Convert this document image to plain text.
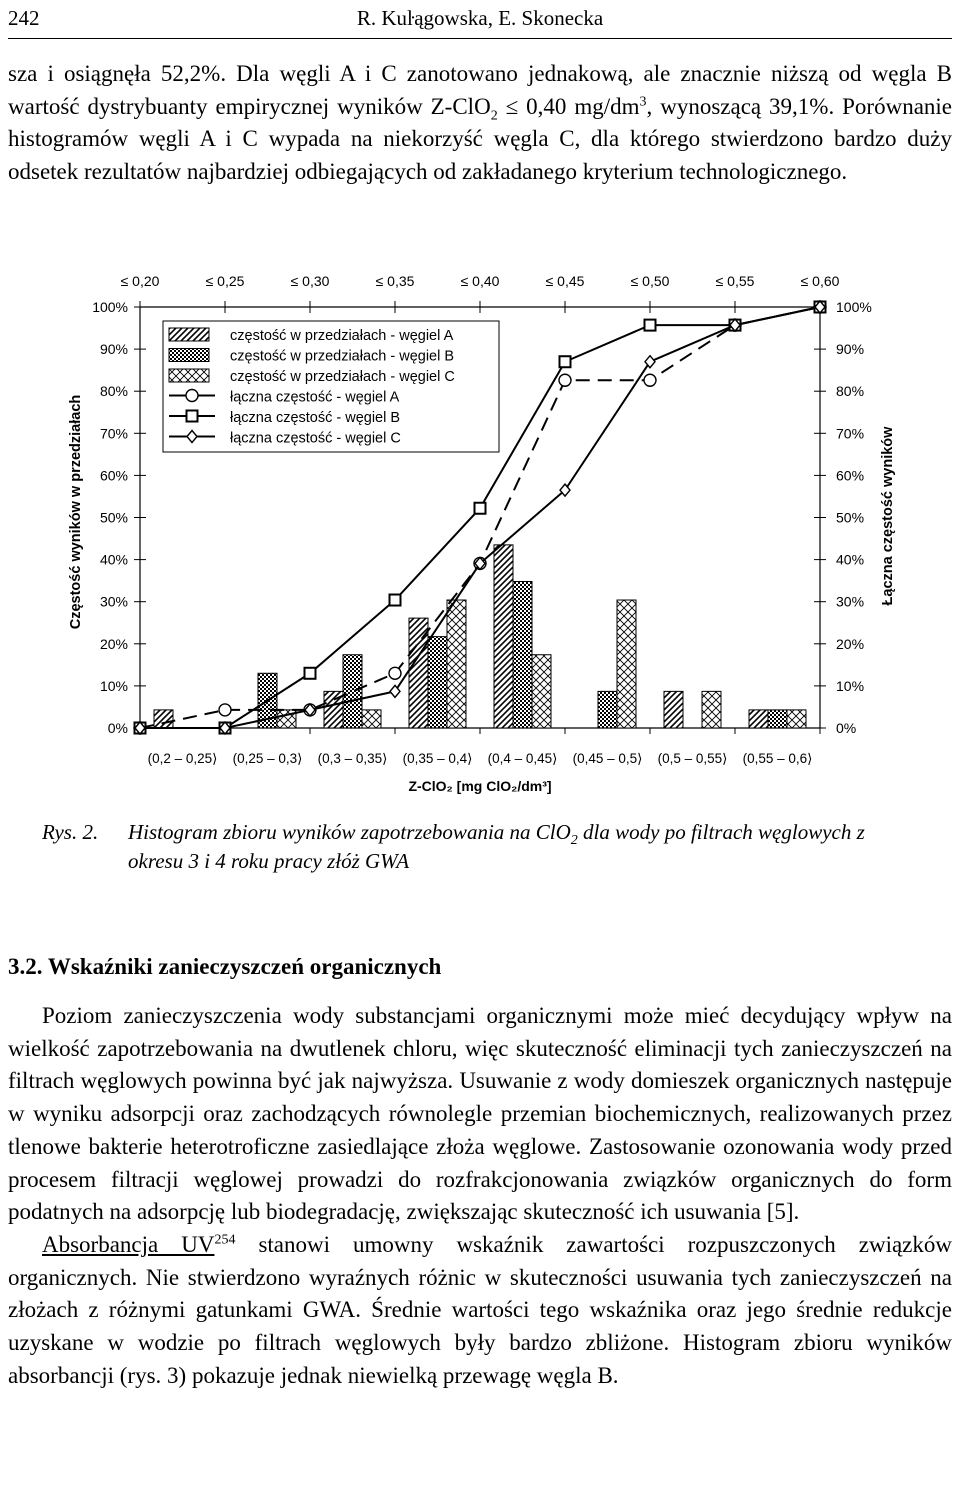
242	R. Kuŀągowska, E. Skonecka

sza i osiągnęła 52,2%. Dla węgli A i C zanotowano jednakową, ale znacznie niższą od węgla B wartość dystrybuanty empirycznej wyników Z-ClO$_2$ ≤ 0,40 $mg/dm^3$, wynoszącą 39,1%. Porównanie histogramów węgli A i C wypada na niekorzyść węgla C, dla którego stwierdzono bardzo duży odsetek rezultatów najbardziej odbiegających od zakładanego kryterium technologicznego.

częstość w przedziałach - węgiel A
częstość w przedziałach - węgiel B
częstość w przedziałach - węgiel C
łączna częstość - węgiel A
łączna częstość - węgiel B
łączna częstość - węgiel C
0%	0%
10%	10%
20%	20%
30%	30%
40%	40%
50%	50%
60%	60%
70%	70%
80%	80%
90%	90%
100%	100%
≤ 0,20	≤ 0,25	≤ 0,30	≤ 0,35	≤ 0,40	≤ 0,45	≤ 0,50	≤ 0,55	≤ 0,60
(0,2 – 0,25⟩ (0,25 – 0,3⟩ (0,3 – 0,35⟩ (0,35 – 0,4⟩ (0,4 – 0,45⟩ (0,45 – 0,5⟩ (0,5 – 0,55⟩ (0,55 – 0,6⟩
Z-ClO₂ [mg ClO₂/dm³]
Częstość wyników w przedziałach	Łączna częstość wyników
Rys. 2. Histogram zbioru wyników zapotrzebowania na ClO$_2$ dla wody po filtrach węglowych z okresu 3 i 4 roku pracy złóż GWA
3.2. Wskaźniki zanieczyszczeń organicznych

Poziom zanieczyszczenia wody substancjami organicznymi może mieć decydujący wpływ na wielkość zapotrzebowania na dwutlenek chloru, więc skuteczność eliminacji tych zanieczyszczeń na filtrach węglowych powinna być jak najwyższa. Usuwanie z wody domieszek organicznych następuje w wyniku adsorpcji oraz zachodzących równolegle przemian biochemicznych, realizowanych przez tlenowe bakterie heterotroficzne zasiedlające złoża węglowe. Zastosowanie ozonowania wody przed procesem filtracji węglowej prowadzi do rozfrakcjonowania związków organicznych do form podatnych na adsorpcję lub biodegradację, zwiększając skuteczność ich usuwania [5].

Absorbancja UV$^{254}$ stanowi umowny wskaźnik zawartości rozpuszczonych związków organicznych. Nie stwierdzono wyraźnych różnic w skuteczności usuwania tych zanieczyszczeń na złożach z różnymi gatunkami GWA. Średnie wartości tego wskaźnika oraz jego średnie redukcje uzyskane w wodzie po filtrach węglowych były bardzo zbliżone. Histogram zbioru wyników absorbancji (rys. 3) pokazuje jednak niewielką przewagę węgla B.
